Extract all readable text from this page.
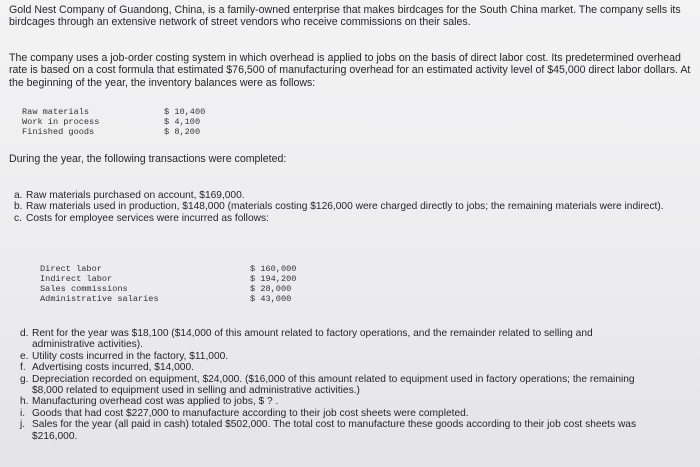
Gold Nest Company of Guandong, China, is a family-owned enterprise that makes birdcages for the South China market. The company sells its birdcages through an extensive network of street vendors who receive commissions on their sales.
The company uses a job-order costing system in which overhead is applied to jobs on the basis of direct labor cost. Its predetermined overhead rate is based on a cost formula that estimated $76,500 of manufacturing overhead for an estimated activity level of $45,000 direct labor dollars. At the beginning of the year, the inventory balances were as follows:
Raw materials	$ 10,400
Work in process	$ 4,100
Finished goods	$ 8,200
During the year, the following transactions were completed:
a. Raw materials purchased on account, $169,000.
b. Raw materials used in production, $148,000 (materials costing $126,000 were charged directly to jobs; the remaining materials were indirect).
c. Costs for employee services were incurred as follows:
Direct labor	$ 160,000
Indirect labor	$ 194,200
Sales commissions	$ 28,000
Administrative salaries	$ 43,000
d. Rent for the year was $18,100 ($14,000 of this amount related to factory operations, and the remainder related to selling and administrative activities).
e. Utility costs incurred in the factory, $11,000.
f. Advertising costs incurred, $14,000.
g. Depreciation recorded on equipment, $24,000. ($16,000 of this amount related to equipment used in factory operations; the remaining $8,000 related to equipment used in selling and administrative activities.)
h. Manufacturing overhead cost was applied to jobs, $ ? .
i. Goods that had cost $227,000 to manufacture according to their job cost sheets were completed.
j. Sales for the year (all paid in cash) totaled $502,000. The total cost to manufacture these goods according to their job cost sheets was $216,000.
